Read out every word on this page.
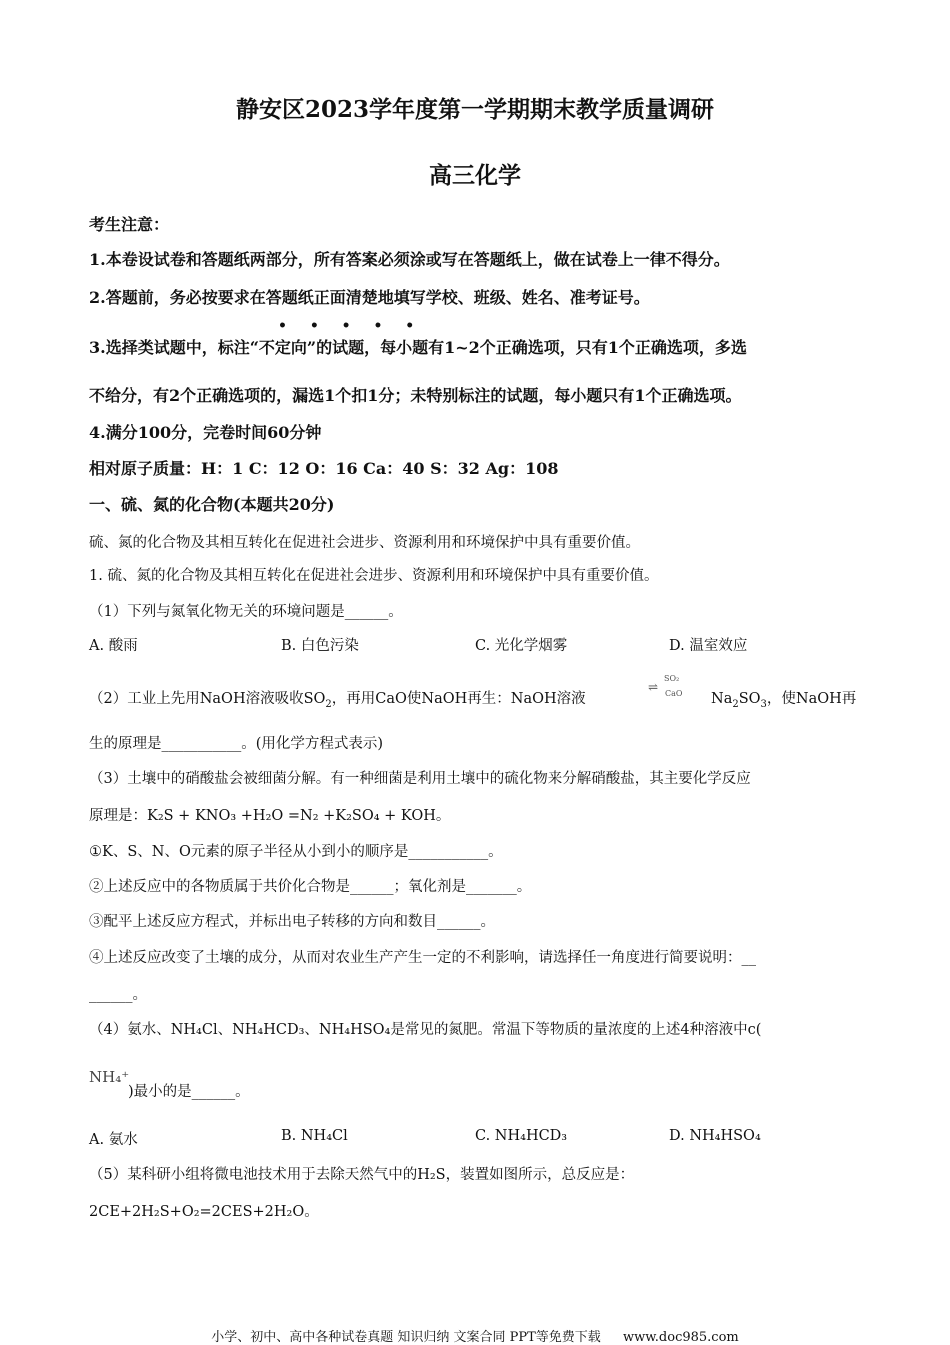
静安区2023学年度第一学期期末教学质量调研
高三化学
考生注意：
1.本卷设试卷和答题纸两部分，所有答案必须涂或写在答题纸上，做在试卷上一律不得分。
2.答题前，务必按要求在答题纸正面清楚地填写学校、班级、姓名、准考证号。
• • • • •
3.选择类试题中，标注“不定向”的试题，每小题有1~2个正确选项，只有1个正确选项，多选
不给分，有2个正确选项的，漏选1个扣1分；未特别标注的试题，每小题只有1个正确选项。
4.满分100分，完卷时间60分钟
相对原子质量：H：1 C：12 O：16 Ca：40 S：32 Ag：108
一、硫、氮的化合物(本题共20分)
硫、氮的化合物及其相互转化在促进社会进步、资源利用和环境保护中具有重要价值。
1. 硫、氮的化合物及其相互转化在促进社会进步、资源利用和环境保护中具有重要价值。
（1）下列与氮氧化物无关的环境问题是______。
A. 酸雨	B. 白色污染	C. 光化学烟雾	D. 温室效应
（2）工业上先用NaOH溶液吸收$SO_2$，再用CaO使NaOH再生：NaOH溶液
SO₂
⇌ CaO $Na_2SO_3$，使NaOH再
生的原理是___________。(用化学方程式表示)
（3）土壤中的硝酸盐会被细菌分解。有一种细菌是利用土壤中的硫化物来分解硝酸盐，其主要化学反应
原理是：K₂S + KNO₃ +H₂O =N₂ +K₂SO₄ + KOH。
①K、S、N、O元素的原子半径从小到小的顺序是___________。
②上述反应中的各物质属于共价化合物是______；氧化剂是_______。
③配平上述反应方程式，并标出电子转移的方向和数目______。
④上述反应改变了土壤的成分，从而对农业生产产生一定的不利影响，请选择任一角度进行简要说明：__
______。
（4）氨水、NH₄Cl、NH₄HCD₃、NH₄HSO₄是常见的氮肥。常温下等物质的量浓度的上述4种溶液中c(
NH₄⁺
)最小的是______。
A. 氨水	B. NH₄Cl	C. NH₄HCD₃	D. NH₄HSO₄
（5）某科研小组将微电池技术用于去除天然气中的H₂S，装置如图所示，总反应是：
2CE+2H₂S+O₂=2CES+2H₂O。
小学、初中、高中各种试卷真题 知识归纳 文案合同 PPT等免费下载 www.doc985.com
